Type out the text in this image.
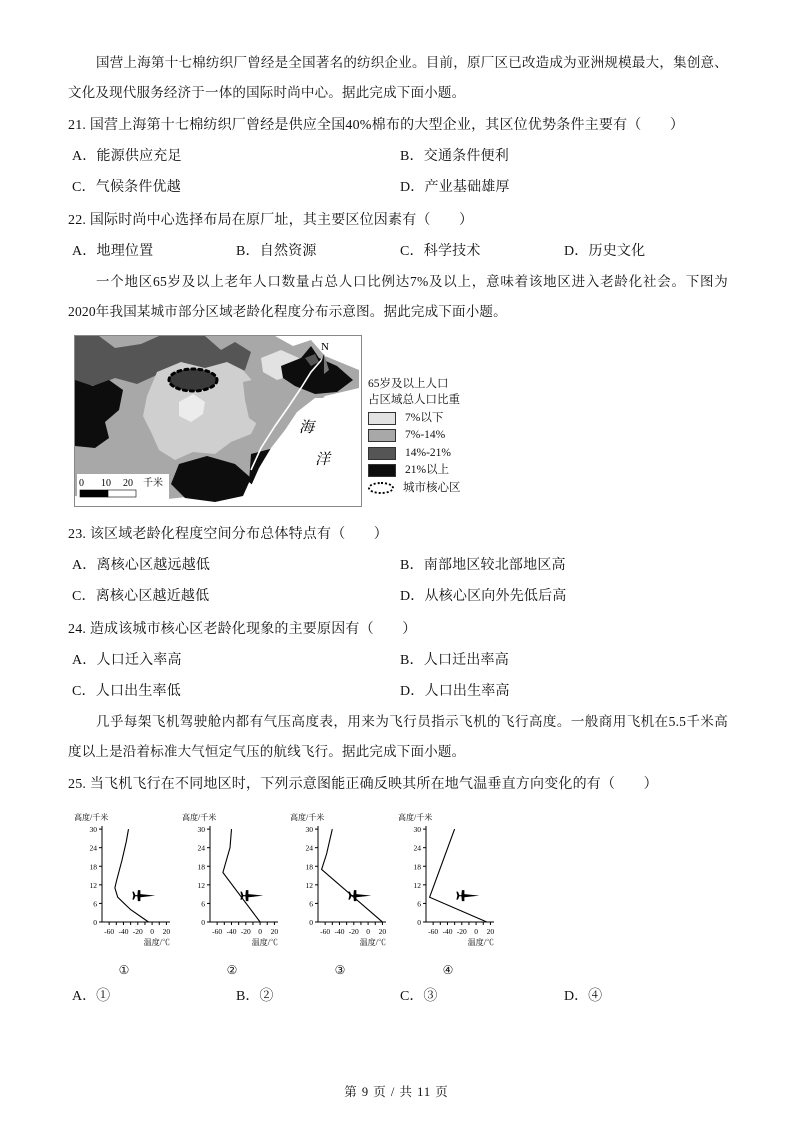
国营上海第十七棉纺织厂曾经是全国著名的纺织企业。目前，原厂区已改造成为亚洲规模最大，集创意、文化及现代服务经济于一体的国际时尚中心。据此完成下面小题。
21. 国营上海第十七棉纺织厂曾经是供应全国40%棉布的大型企业，其区位优势条件主要有（　　）
A．能源供应充足	B．交通条件便利
C．气候条件优越	D．产业基础雄厚
22. 国际时尚中心选择布局在原厂址，其主要区位因素有（　　）
A．地理位置	B．自然资源	C．科学技术	D．历史文化
一个地区65岁及以上老年人口数量占总人口比例达7%及以上，意味着该地区进入老龄化社会。下图为2020年我国某城市部分区域老龄化程度分布示意图。据此完成下面小题。
海
洋
N
0 10 20 千米
65岁及以上人口
占区域总人口比重
7%以下
7%-14%
14%-21%
21%以上
城市核心区
23. 该区域老龄化程度空间分布总体特点有（　　）
A．离核心区越远越低	B．南部地区较北部地区高
C．离核心区越近越低	D．从核心区向外先低后高
24. 造成该城市核心区老龄化现象的主要原因有（　　）
A．人口迁入率高	B．人口迁出率高
C．人口出生率低	D．人口出生率高
几乎每架飞机驾驶舱内都有气压高度表，用来为飞行员指示飞机的飞行高度。一般商用飞机在5.5千米高度以上是沿着标准大气恒定气压的航线飞行。据此完成下面小题。
25. 当飞机飞行在不同地区时，下列示意图能正确反映其所在地气温垂直方向变化的有（　　）
高度/千米
0
6
12
18
24
30
-60 -40 -20 0 20
温度/℃
①
高度/千米
0
6
12
18
24
30
-60 -40 -20 0 20
温度/℃
②
高度/千米
0
6
12
18
24
30
-60 -40 -20 0 20
温度/℃
③
高度/千米
0
6
12
18
24
30
-60 -40 -20 0 20
温度/℃
④
A．①	B．②	C．③	D．④
第 9 页 / 共 11 页
